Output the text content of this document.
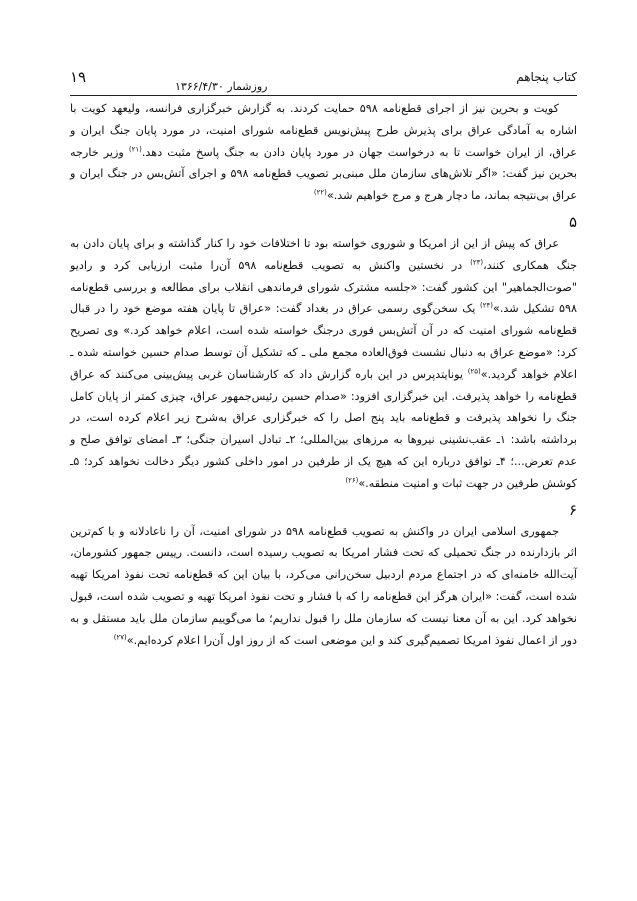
کتاب پنجاهم
روزشمار ۱۳۶۶/۴/۳۰
۱۹

کویت و بحرین نیز از اجرای قطع‌نامه ۵۹۸ حمایت کردند. به گزارش خبرگزاری فرانسه، ولیعهد کویت با اشاره به آمادگی عراق برای پذیرش طرح پیش‌نویس قطع‌نامه شورای امنیت، در مورد پایان جنگ ایران و عراق، از ایران خواست تا به درخواست جهان در مورد پایان دادن به جنگ پاسخ مثبت دهد.$^{(۲۱)}$ وزیر خارجه بحرین نیز گفت: «اگر تلاش‌های سازمان ملل مبنی‌بر تصویب قطع‌نامه ۵۹۸ و اجرای آتش‌بس در جنگ ایران و عراق بی‌نتیجه بماند، ما دچار هرج و مرج خواهیم شد.»$^{(۲۲)}$

۵

عراق که پیش از این از امریکا و شوروی خواسته بود تا اختلافات خود را کنار گذاشته و برای پایان دادن به جنگ همکاری کنند،$^{(۲۳)}$ در نخستین واکنش به تصویب قطع‌نامه ۵۹۸ آن‌را مثبت ارزیابی کرد و رادیو "صوت‌الجماهیر" این کشور گفت: «جلسه مشترک شورای فرماندهی انقلاب برای مطالعه و بررسی قطع‌نامه ۵۹۸ تشکیل شد.»$^{(۲۴)}$ یک سخن‌گوی رسمی عراق در بغداد گفت: «عراق تا پایان هفته موضع خود را در قبال قطع‌نامه شورای امنیت که در آن آتش‌بس فوری درجنگ خواسته شده است، اعلام خواهد کرد.» وی تصریح کرد: «موضع عراق به دنبال نشست فوق‌العاده مجمع ملی ـ که تشکیل آن توسط صدام حسین خواسته شده ـ اعلام خواهد گردید.»$^{(۲۵)}$ یونایتدپرس در این باره گزارش داد که کارشناسان غربی پیش‌بینی می‌کنند که عراق قطع‌نامه را خواهد پذیرفت. این خبرگزاری افزود: «صدام حسین رئیس‌جمهور عراق، چیزی کمتر از پایان کامل جنگ را نخواهد پذیرفت و قطع‌نامه باید پنج اصل را که خبرگزاری عراق به‌شرح زیر اعلام کرده است، در برداشته باشد: ۱ـ عقب‌نشینی نیروها به مرزهای بین‌المللی؛ ۲ـ تبادل اسیران جنگی؛ ۳ـ امضای توافق صلح و عدم تعرض...؛ ۴ـ توافق درباره این که هیچ یک از طرفین در امور داخلی کشور دیگر دخالت نخواهد کرد؛ ۵ـ کوشش طرفین در جهت ثبات و امنیت منطقه.»$^{(۲۶)}$

۶

جمهوری اسلامی ایران در واکنش به تصویب قطع‌نامه ۵۹۸ در شورای امنیت، آن را ناعادلانه و با کم‌ترین اثر بازدارنده در جنگ تحمیلی که تحت فشار امریکا به تصویب رسیده است، دانست. رییس جمهور کشورمان، آیت‌الله خامنه‌ای که در اجتماع مردم اردبیل سخن‌رانی می‌کرد، با بیان این که قطع‌نامه تحت نفوذ امریکا تهیه شده است، گفت: «ایران هرگز این قطع‌نامه را که با فشار و تحت نفوذ امریکا تهیه و تصویب شده است، قبول نخواهد کرد. این به آن معنا نیست که سازمان ملل را قبول نداریم؛ ما می‌گوییم سازمان ملل باید مستقل و به دور از اعمال نفوذ امریکا تصمیم‌گیری کند و این موضعی است که از روز اول آن‌را اعلام کرده‌ایم.»$^{(۲۷)}$
